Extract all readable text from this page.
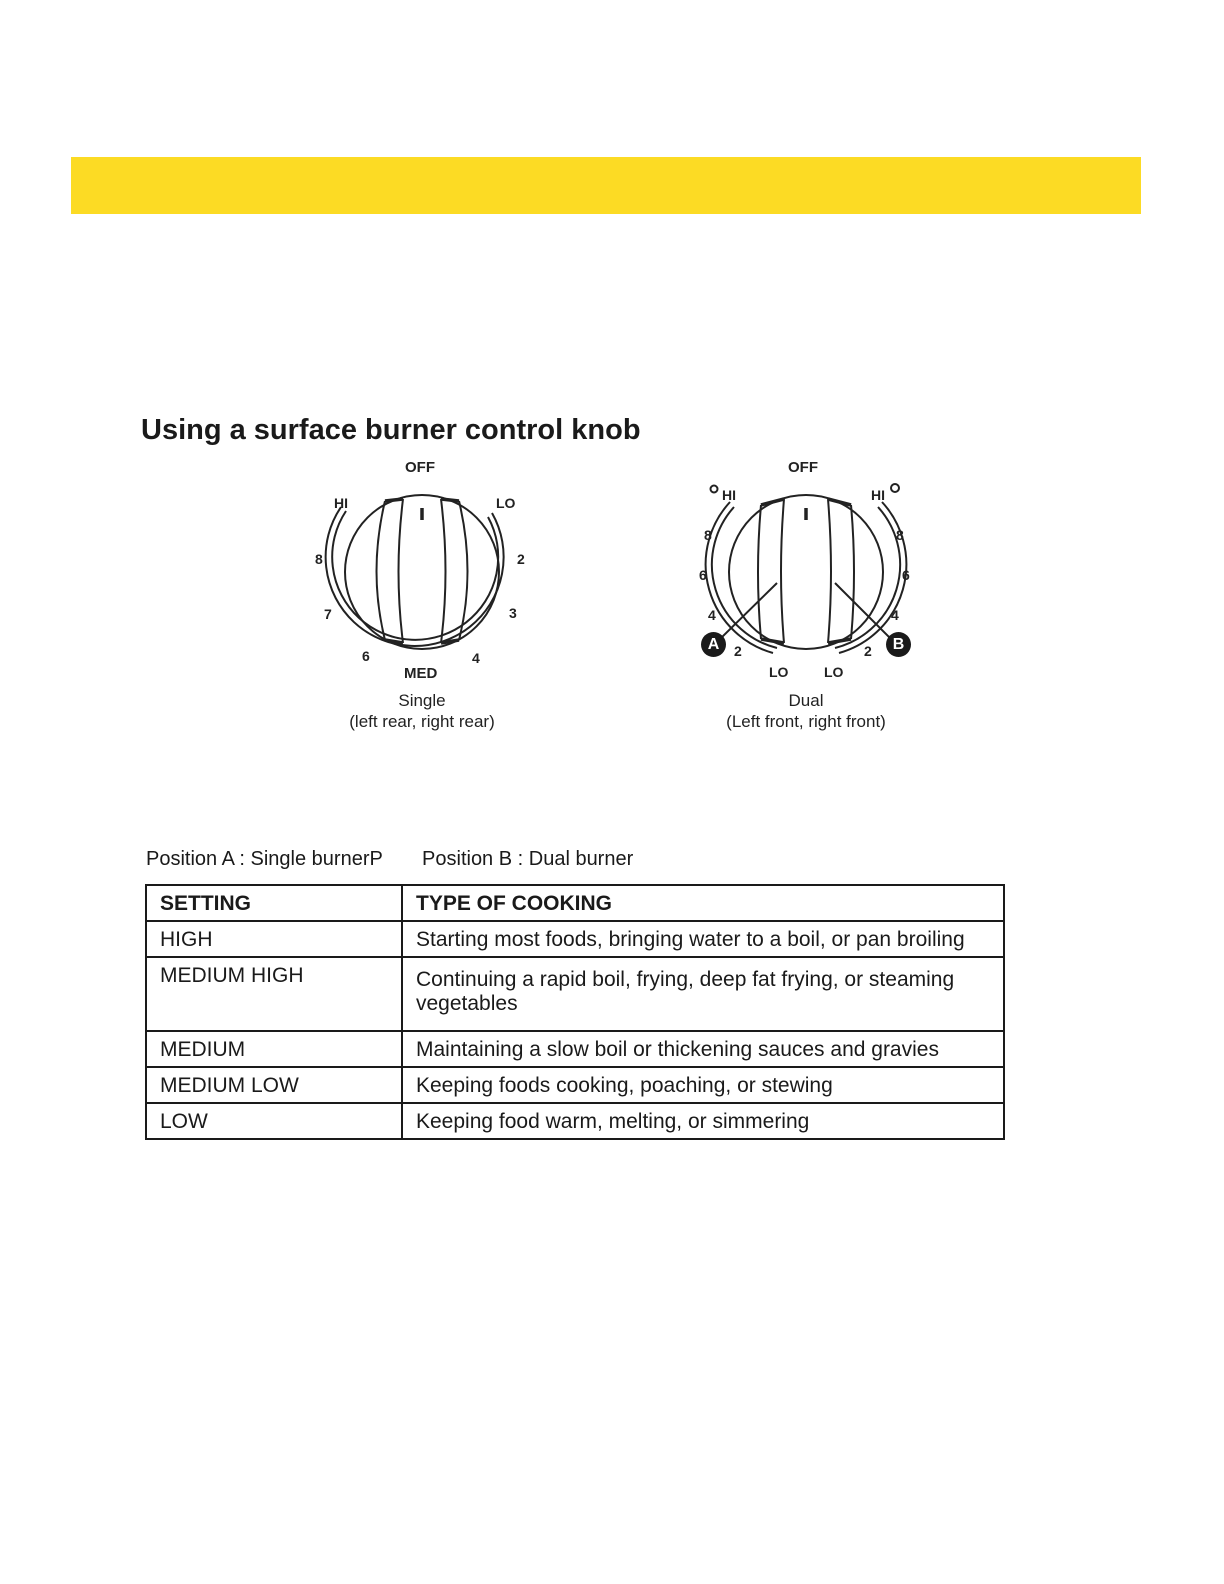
Using a surface burner control knob
OFF
HI	LO
2
3
4
8
7
6
MED
Single
(left rear, right rear)
OFF
HI	HI
8
6
4
2
8
6
4
2
LO	LO
A	B
Dual
(Left front, right front)
Position A : Single burnerP Position B : Dual burner
SETTING	TYPE OF COOKING
HIGH	Starting most foods, bringing water to a boil, or pan broiling
MEDIUM HIGH	Continuing a rapid boil, frying, deep fat frying, or steaming vegetables
MEDIUM	Maintaining a slow boil or thickening sauces and gravies
MEDIUM LOW	Keeping foods cooking, poaching, or stewing
LOW	Keeping food warm, melting, or simmering
